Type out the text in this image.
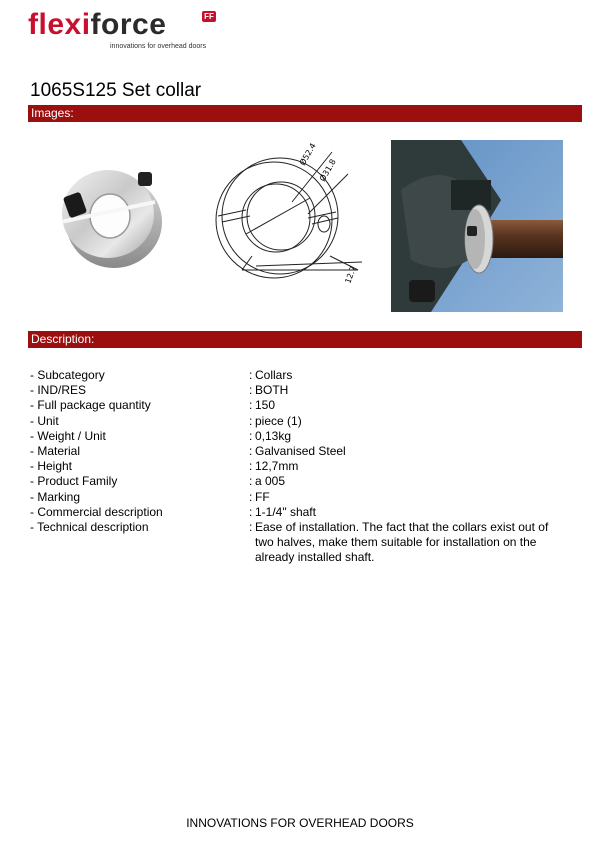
flexiforce	FF
innovations for overhead doors
1065S125 Set collar
Images:
Ø52.4
Ø31.8
12.7
Description:
- Subcategory	: Collars
- IND/RES	: BOTH
- Full package quantity	: 150
- Unit	: piece (1)
- Weight / Unit	: 0,13kg
- Material	: Galvanised Steel
- Height	: 12,7mm
- Product Family	: a 005
- Marking	: FF
- Commercial description	: 1-1/4" shaft
- Technical description	: Ease of installation. The fact that the collars exist out of two halves, make them suitable for installation on the already installed shaft.
INNOVATIONS FOR OVERHEAD DOORS
